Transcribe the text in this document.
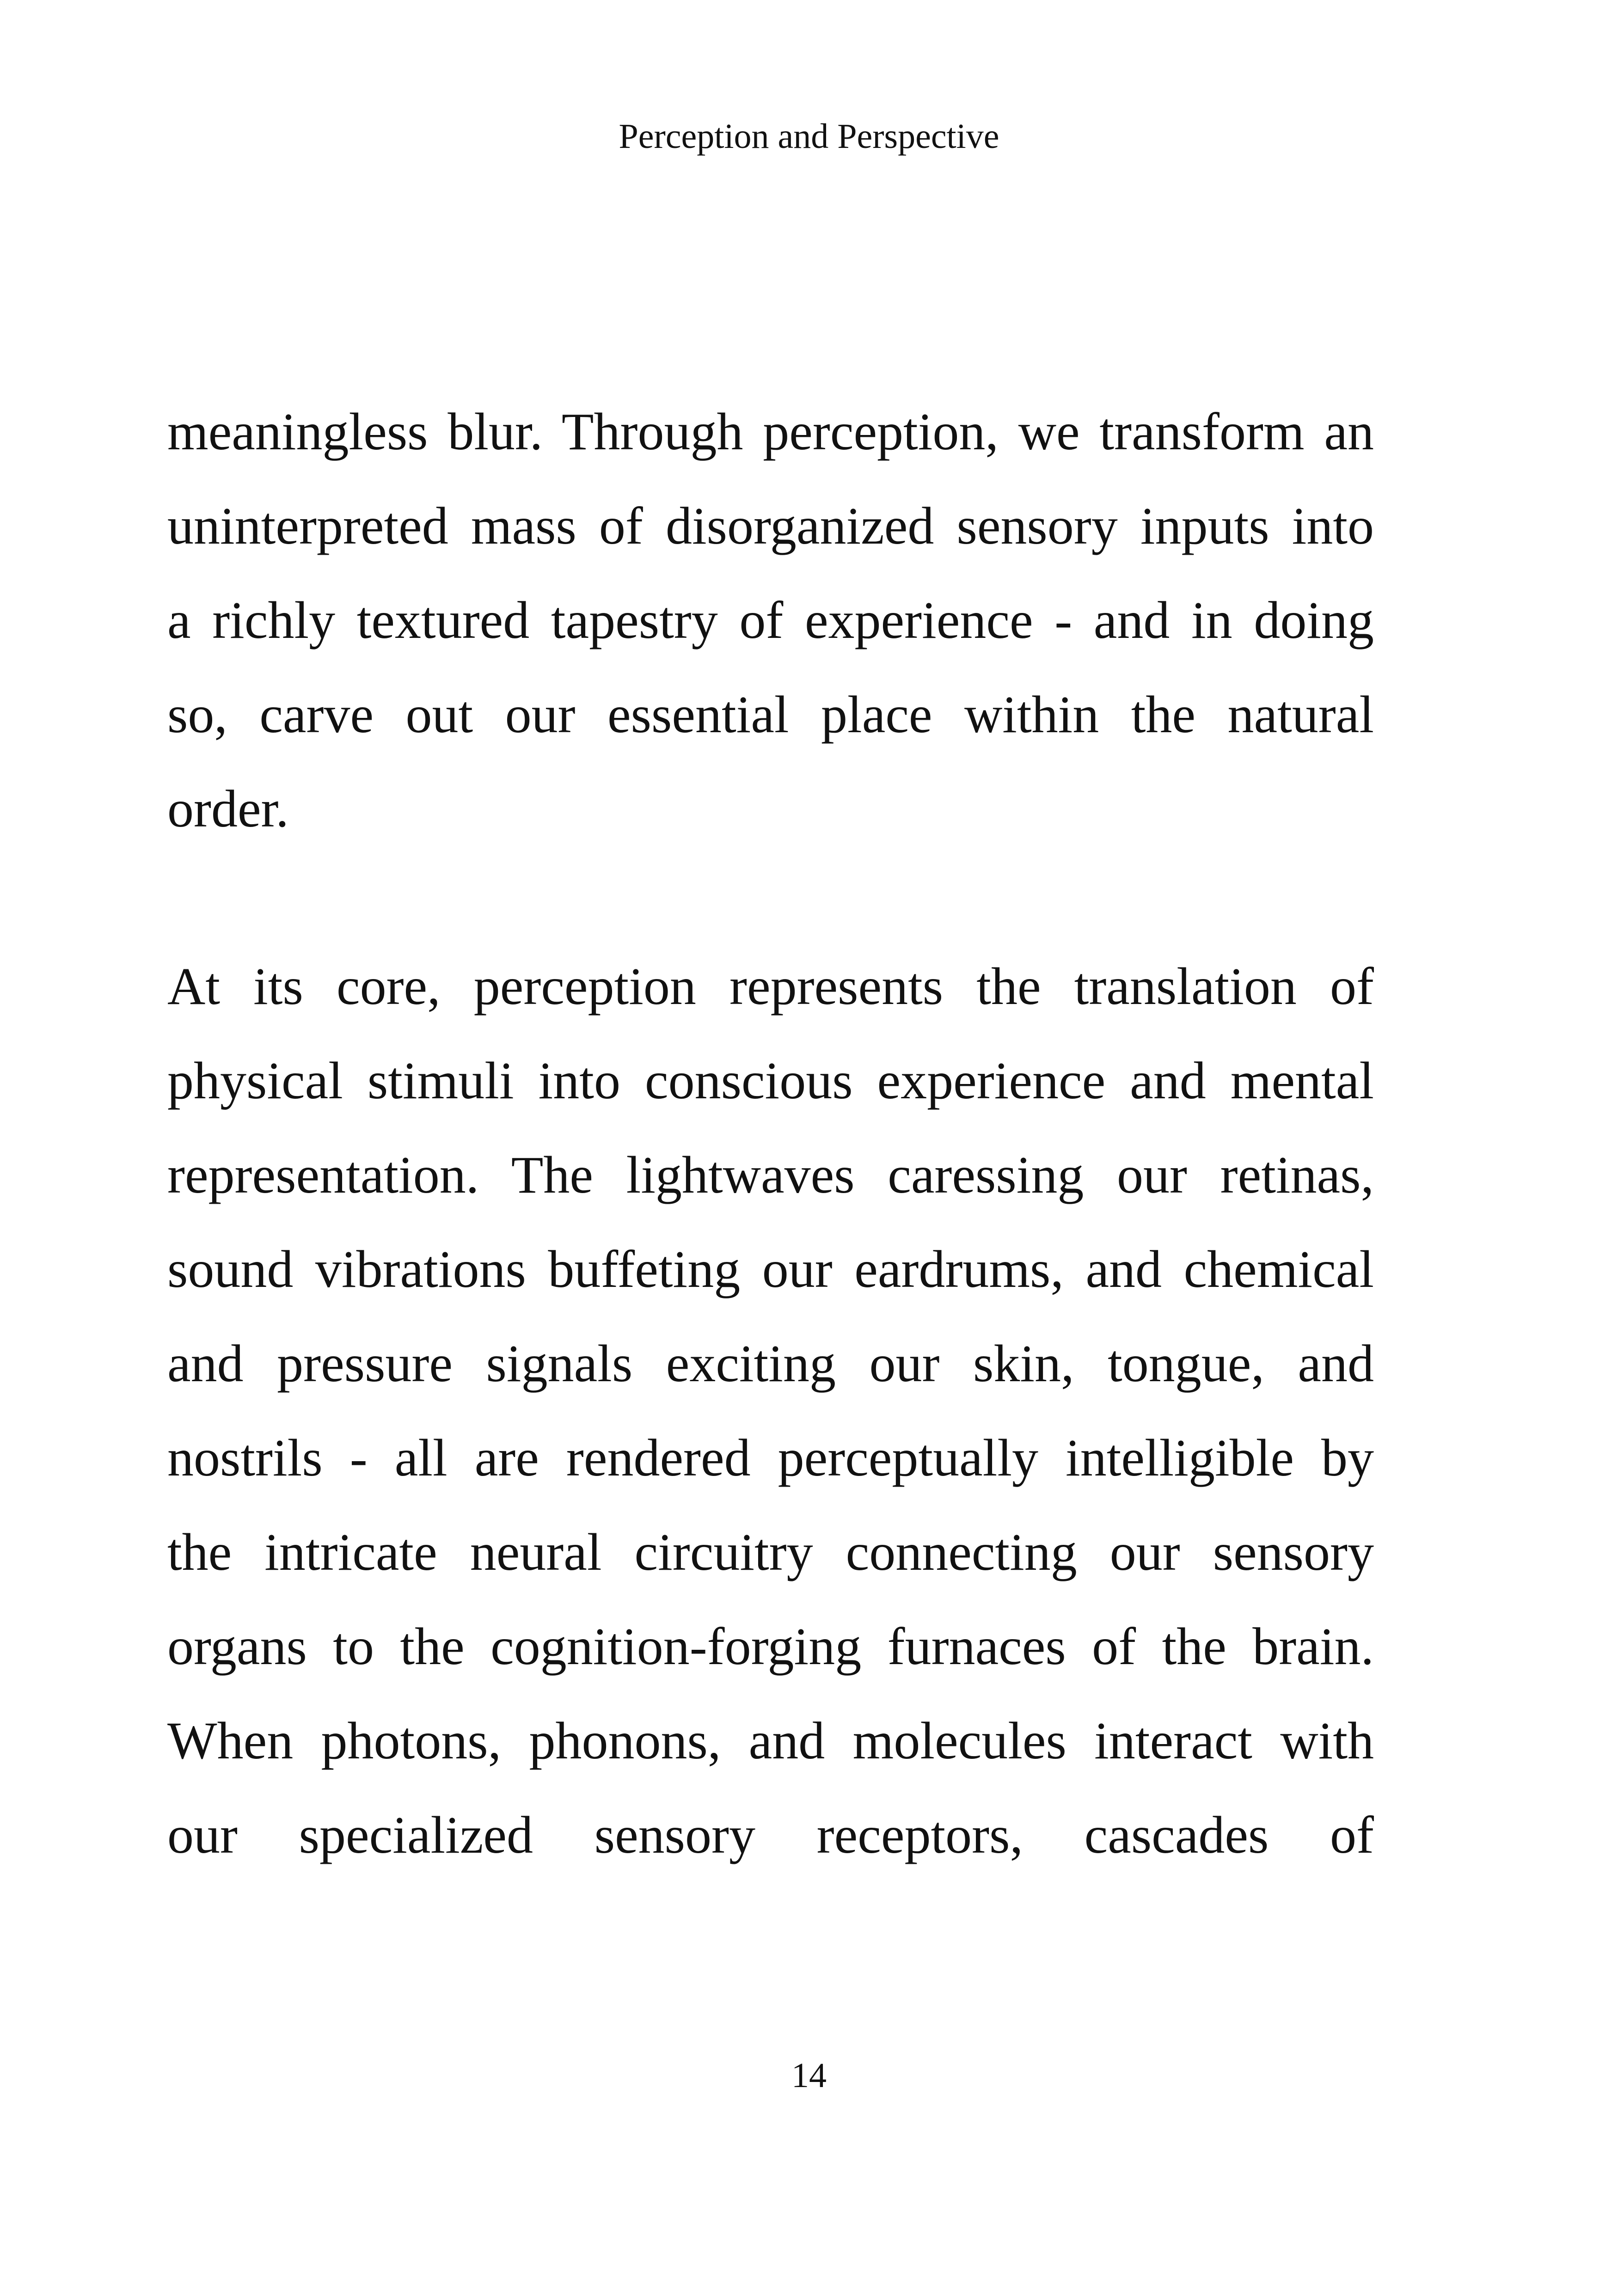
Perception and Perspective
meaningless blur. Through perception, we transform an
uninterpreted mass of disorganized sensory inputs into
a richly textured tapestry of experience - and in doing
so, carve out our essential place within the natural
order.
At its core, perception represents the translation of
physical stimuli into conscious experience and mental
representation. The lightwaves caressing our retinas,
sound vibrations buffeting our eardrums, and chemical
and pressure signals exciting our skin, tongue, and
nostrils - all are rendered perceptually intelligible by
the intricate neural circuitry connecting our sensory
organs to the cognition-forging furnaces of the brain.
When photons, phonons, and molecules interact with
our specialized sensory receptors, cascades of
14
